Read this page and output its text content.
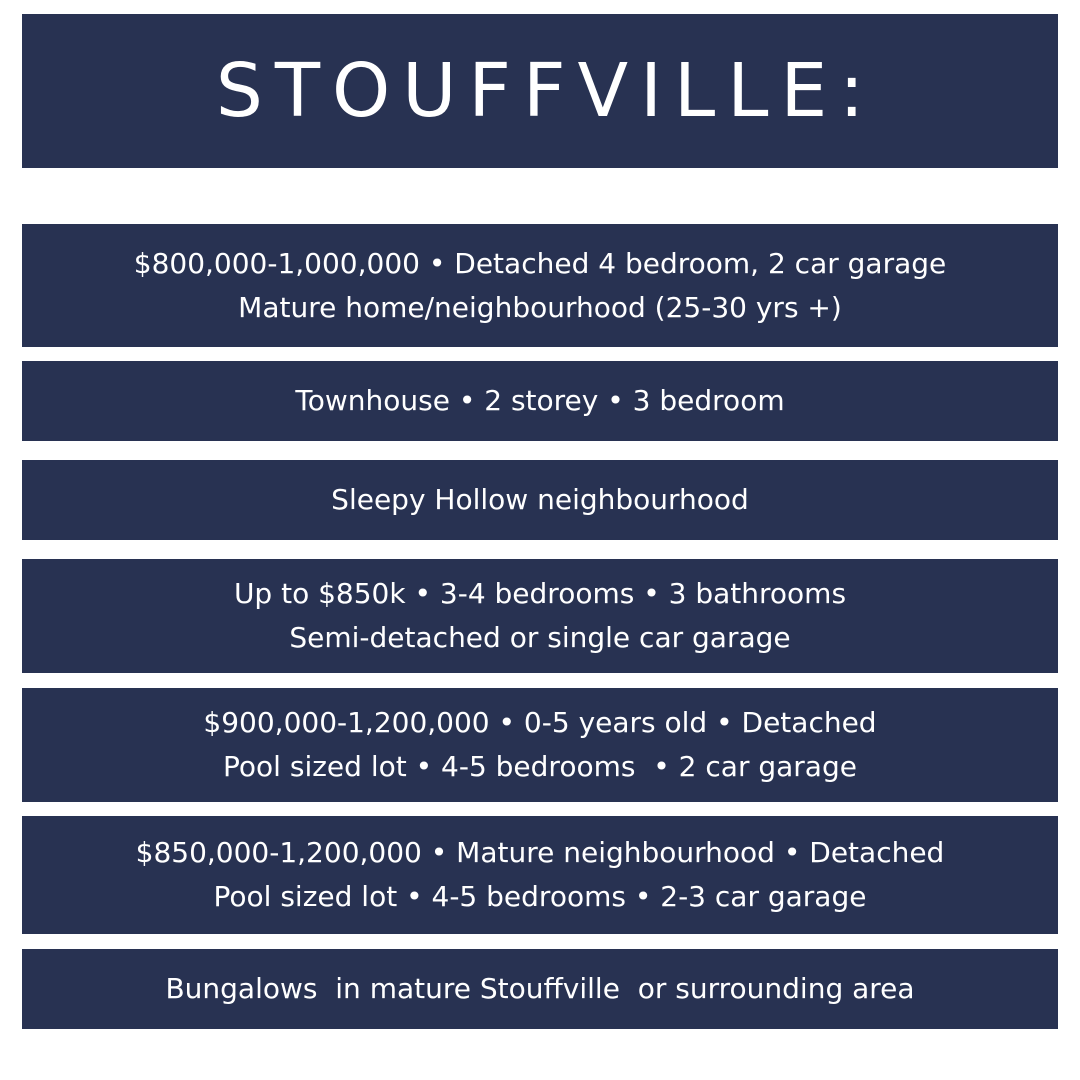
STOUFFVILLE:
$800,000-1,000,000 • Detached 4 bedroom, 2 car garage
Mature home/neighbourhood (25-30 yrs +)
Townhouse • 2 storey • 3 bedroom
Sleepy Hollow neighbourhood
Up to $850k • 3-4 bedrooms • 3 bathrooms
Semi-detached or single car garage
$900,000-1,200,000 • 0-5 years old • Detached
Pool sized lot • 4-5 bedrooms  • 2 car garage
$850,000-1,200,000 • Mature neighbourhood • Detached
Pool sized lot • 4-5 bedrooms • 2-3 car garage
Bungalows  in mature Stouffville  or surrounding area
